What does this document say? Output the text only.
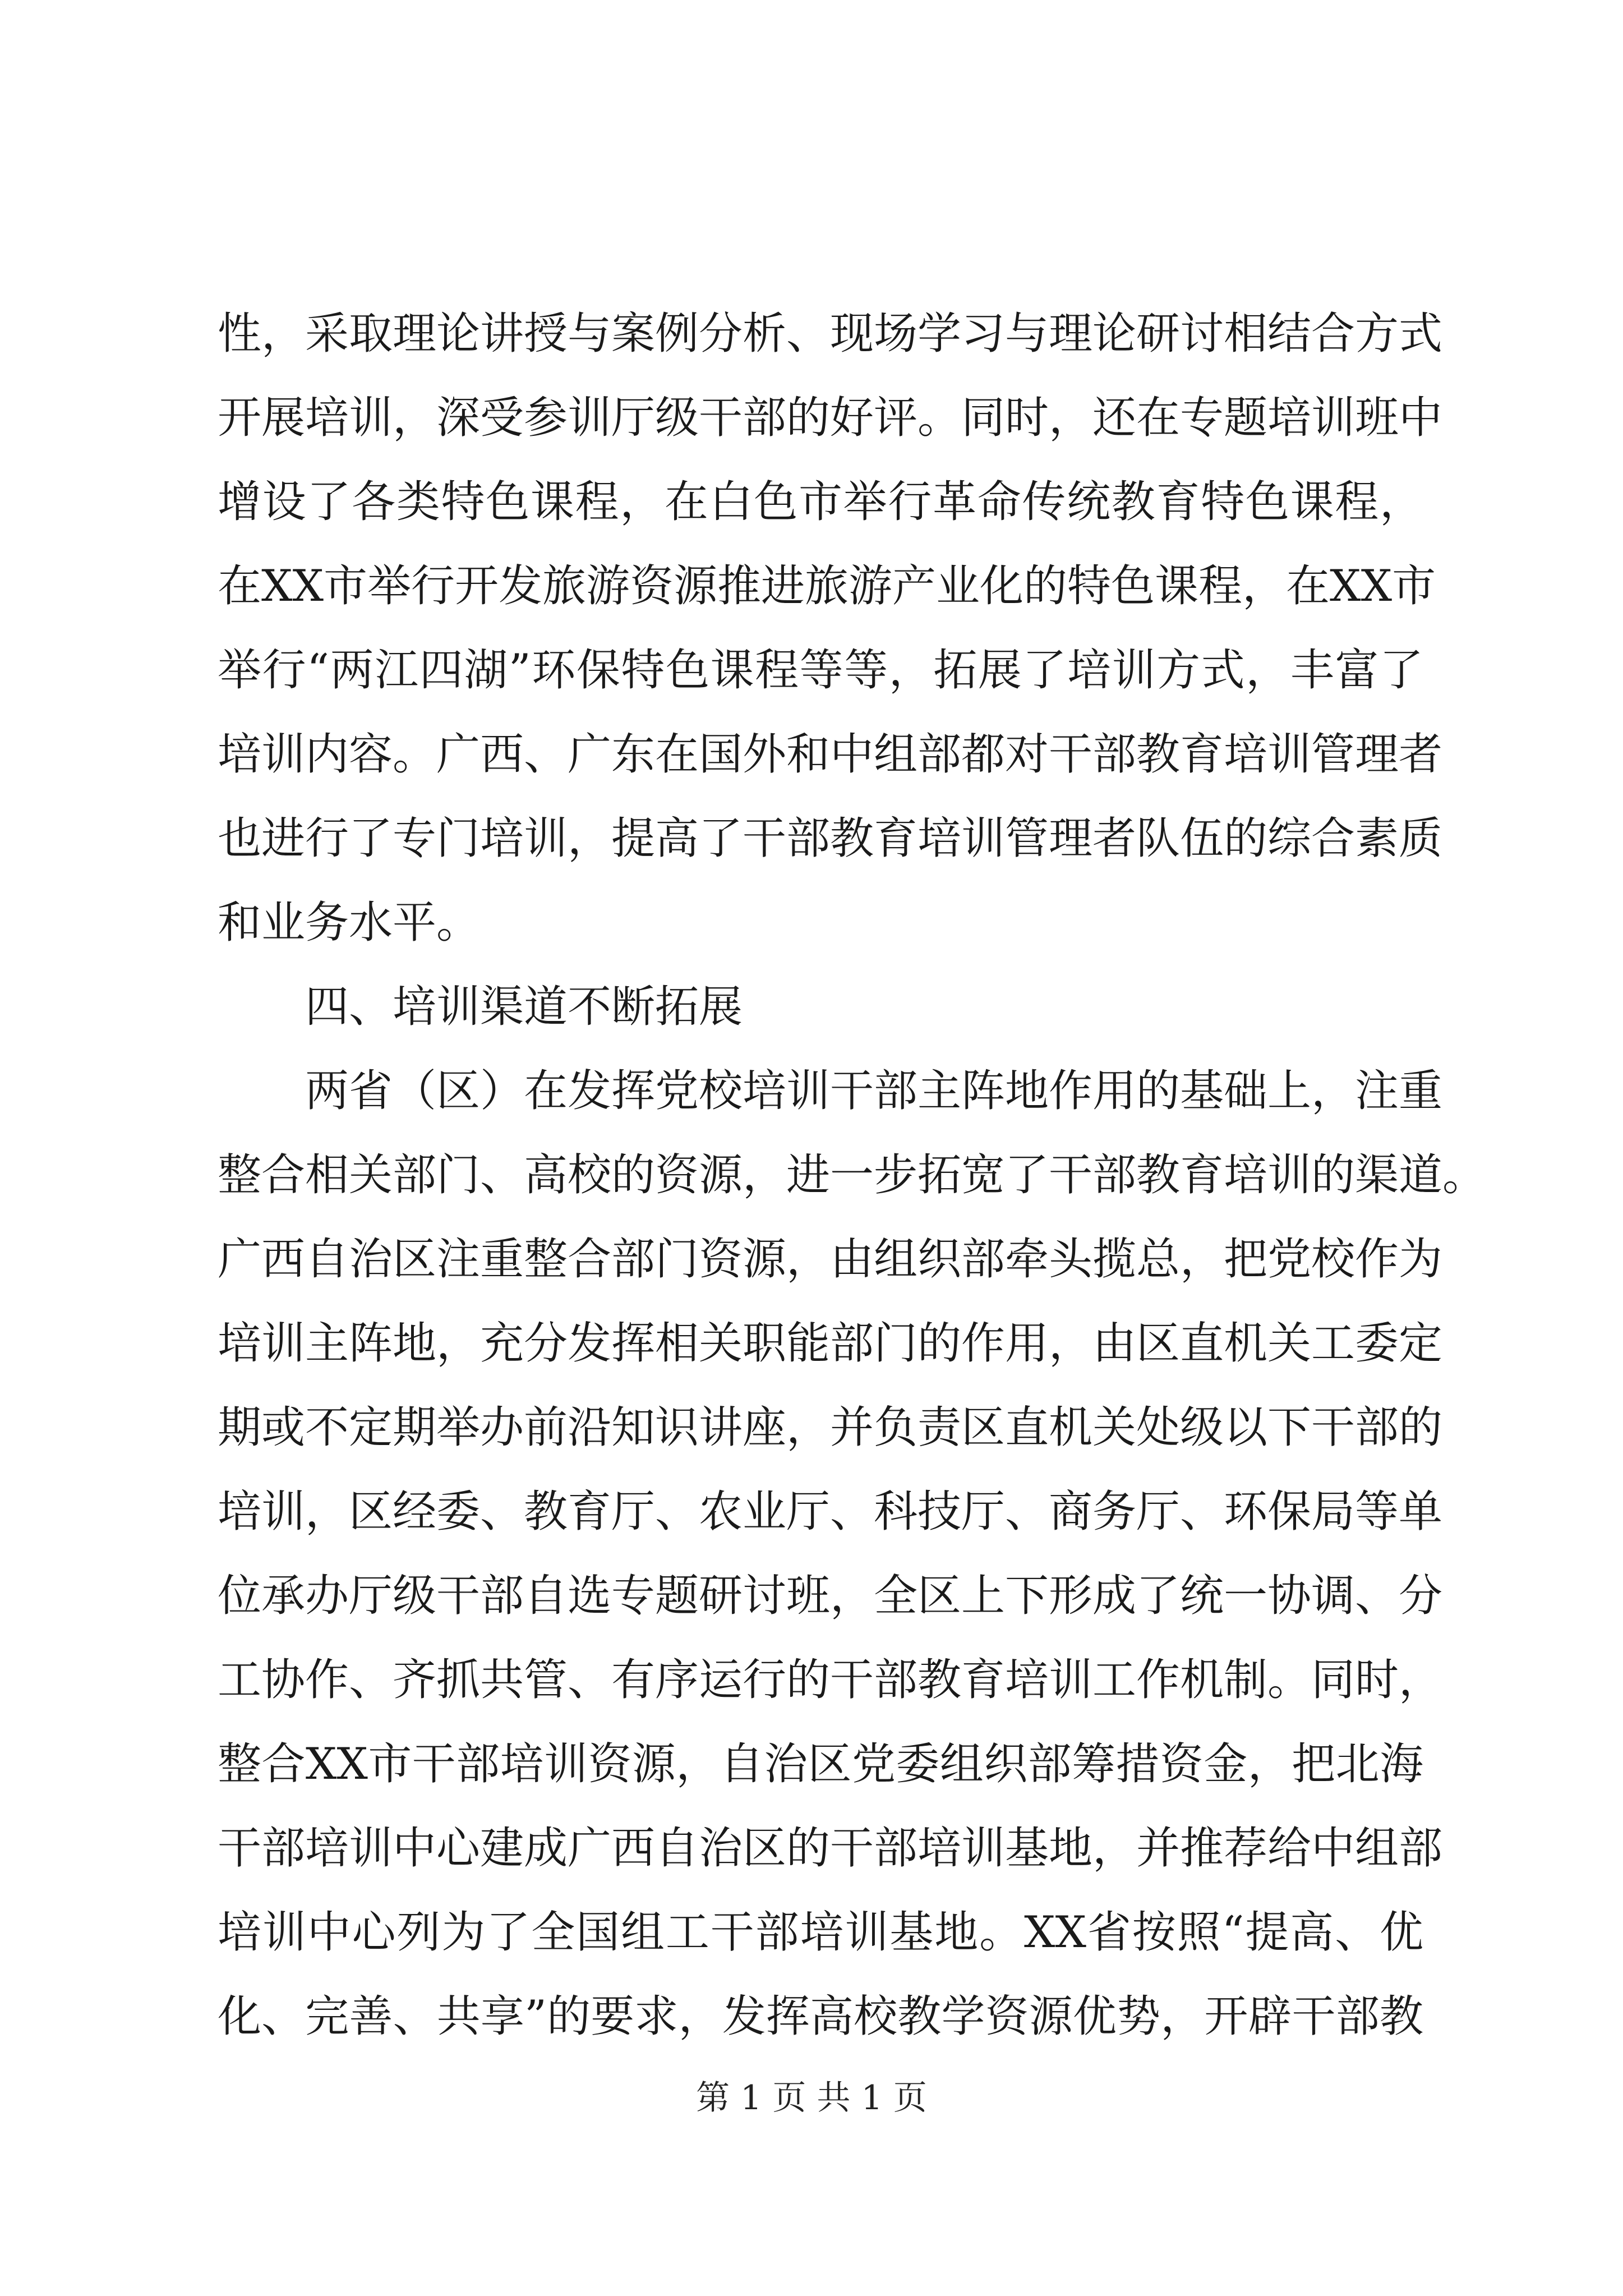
性，采取理论讲授与案例分析、现场学习与理论研讨相结合方式
开展培训，深受参训厅级干部的好评。同时，还在专题培训班中
增设了各类特色课程，在白色市举行革命传统教育特色课程，
在XX市举行开发旅游资源推进旅游产业化的特色课程，在XX市
举行“两江四湖”环保特色课程等等，拓展了培训方式，丰富了
培训内容。广西、广东在国外和中组部都对干部教育培训管理者
也进行了专门培训，提高了干部教育培训管理者队伍的综合素质
和业务水平。
四、培训渠道不断拓展
两省（区）在发挥党校培训干部主阵地作用的基础上，注重
整合相关部门、高校的资源，进一步拓宽了干部教育培训的渠道。
广西自治区注重整合部门资源，由组织部牵头揽总，把党校作为
培训主阵地，充分发挥相关职能部门的作用，由区直机关工委定
期或不定期举办前沿知识讲座，并负责区直机关处级以下干部的
培训，区经委、教育厅、农业厅、科技厅、商务厅、环保局等单
位承办厅级干部自选专题研讨班，全区上下形成了统一协调、分
工协作、齐抓共管、有序运行的干部教育培训工作机制。同时，
整合XX市干部培训资源，自治区党委组织部筹措资金，把北海
干部培训中心建成广西自治区的干部培训基地，并推荐给中组部
培训中心列为了全国组工干部培训基地。XX省按照“提高、优
化、完善、共享”的要求，发挥高校教学资源优势，开辟干部教
第 1 页 共 1 页
